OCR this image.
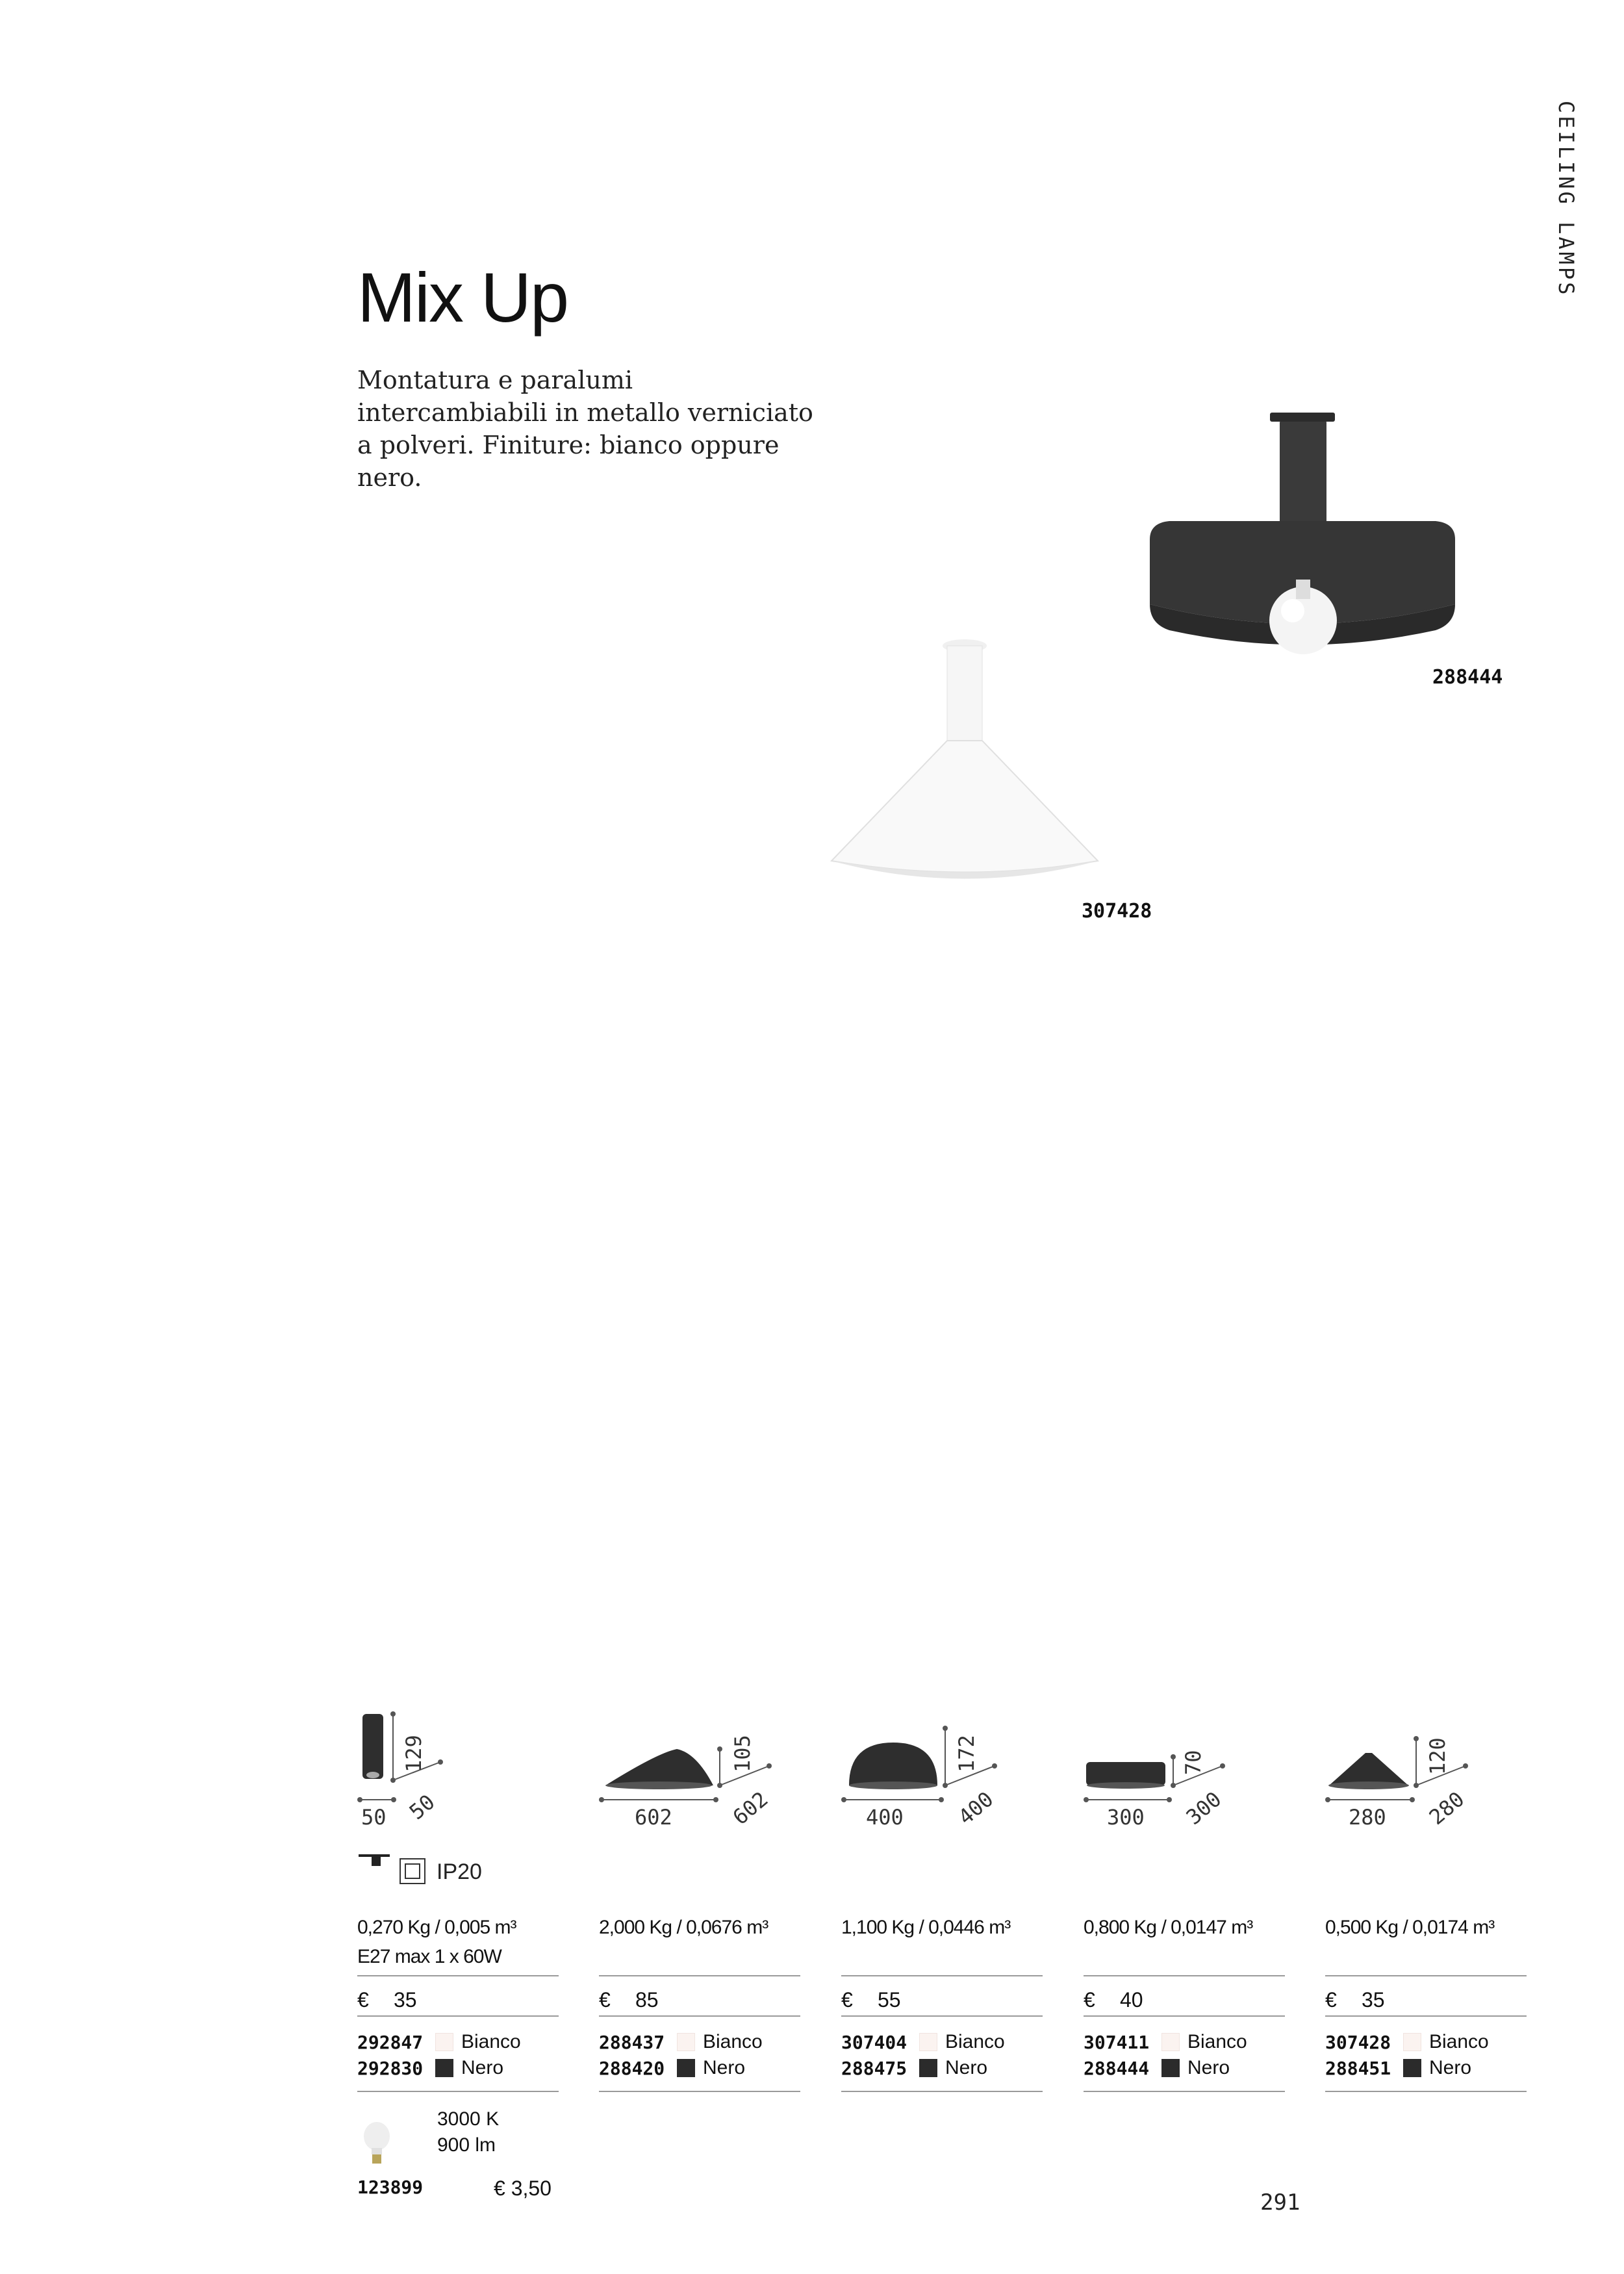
CEILING LAMPS
Mix Up
Montatura e paralumi intercambiabili in metallo verniciato a polveri. Finiture: bianco oppure nero.
288444
307428
50
129
50
0,270 Kg / 0,005 m³
E27 max 1 x 60W
€ 35
292847	Bianco
292830	Nero
602
105
602
2,000 Kg / 0,0676 m³
€ 85
288437	Bianco
288420	Nero
400
172
400
1,100 Kg / 0,0446 m³
€ 55
307404	Bianco
288475	Nero
300
70
300
0,800 Kg / 0,0147 m³
€ 40
307411	Bianco
288444	Nero
280
120
280
0,500 Kg / 0,0174 m³
€ 35
307428	Bianco
288451	Nero
IP20
3000 K
900 lm
123899	€ 3,50
291
